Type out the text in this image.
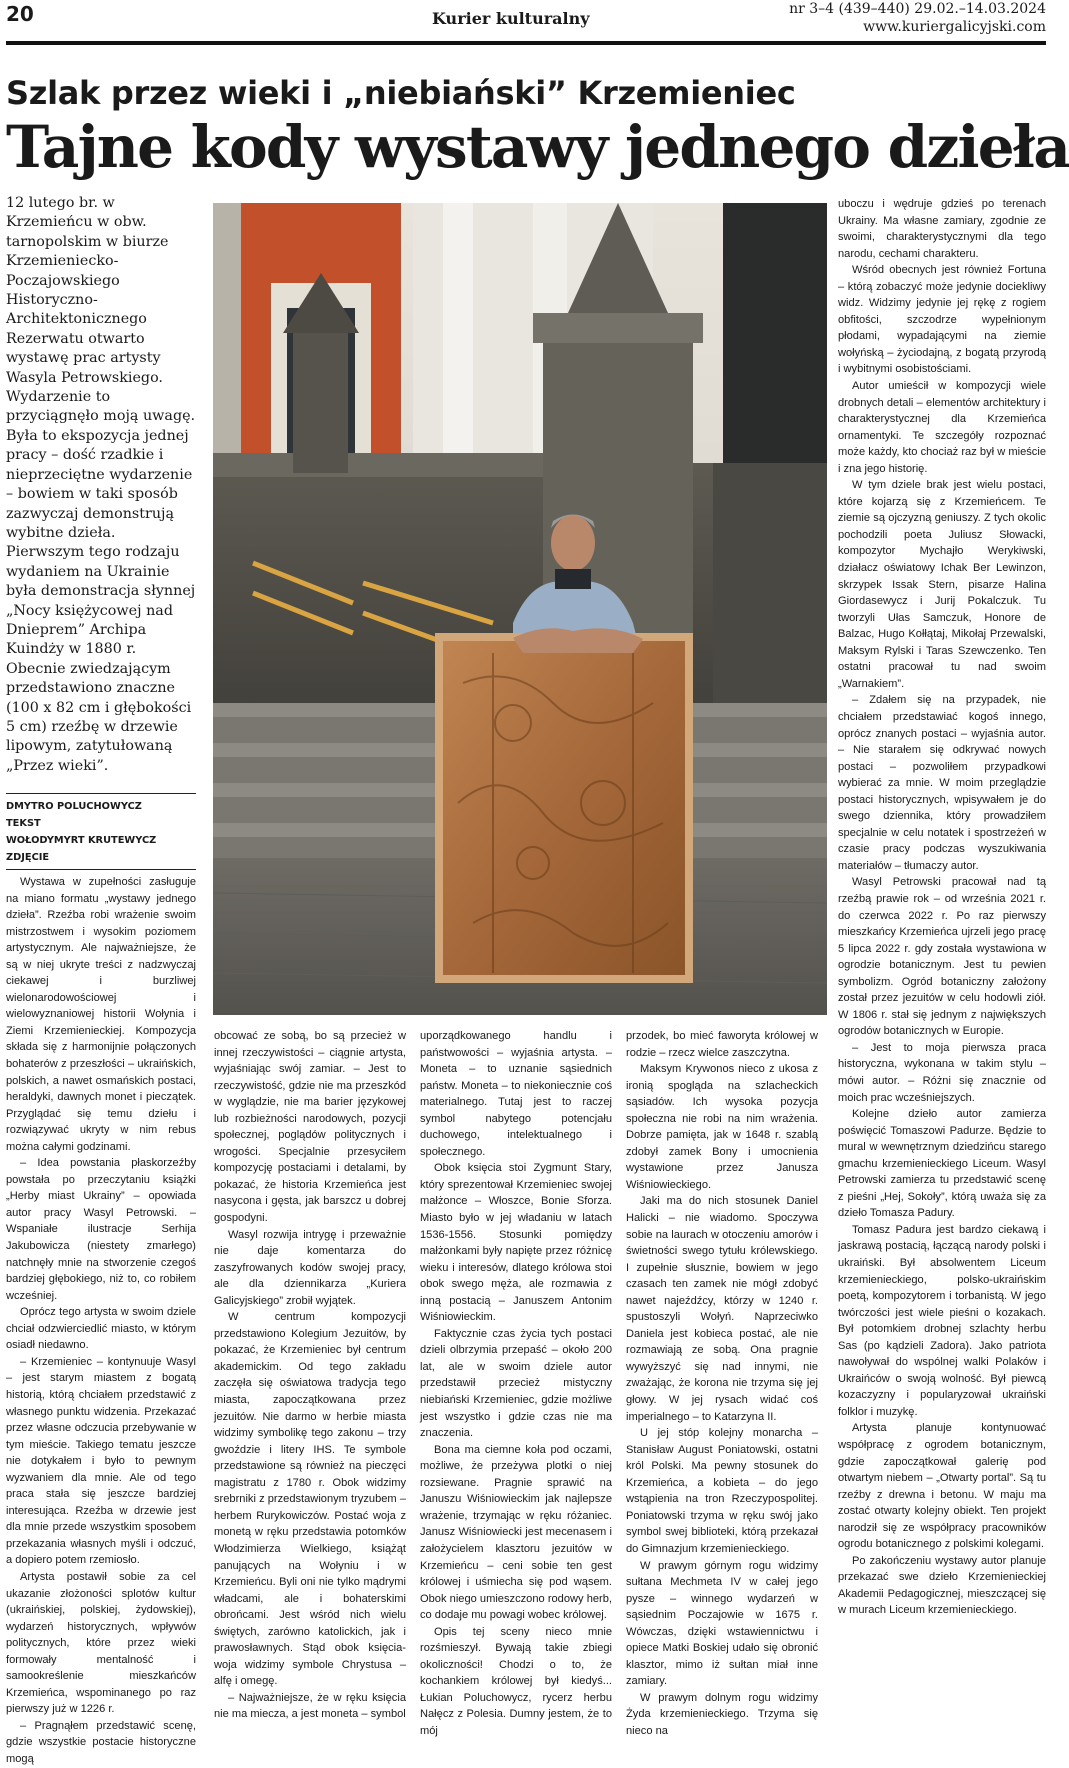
20	Kurier kulturalny	nr 3–4 (439–440) 29.02.–14.03.2024
www.kuriergalicyjski.com
Szlak przez wieki i „niebiański” Krzemieniec
Tajne kody wystawy jednego dzieła
12 lutego br. w Krzemieńcu w obw. tarnopolskim w biurze Krzemieniecko-Poczajowskiego Historyczno-Architektonicznego Rezerwatu otwarto wystawę prac artysty Wasyla Petrowskiego. Wydarzenie to przyciągnęło moją uwagę. Była to ekspozycja jednej pracy – dość rzadkie i nieprzeciętne wydarzenie – bowiem w taki sposób zazwyczaj demonstrują wybitne dzieła. Pierwszym tego rodzaju wydaniem na Ukrainie była demonstracja słynnej „Nocy księżycowej nad Dnieprem” Archipa Kuindży w 1880 r. Obecnie zwiedzającym przedstawiono znaczne (100 x 82 cm i głębokości 5 cm) rzeźbę w drzewie lipowym, zatytułowaną „Przez wieki”.
DMYTRO POLUCHOWYCZ
TEKST
WOŁODYMYRT KRUTEWYCZ
ZDJĘCIE

Wystawa w zupełności zasługuje na miano formatu „wystawy jednego dzieła”. Rzeźba robi wrażenie swoim mistrzostwem i wysokim poziomem artystycznym. Ale najważniejsze, że są w niej ukryte treści z nadzwyczaj ciekawej i burzliwej wielonarodowościowej i wielowyznaniowej historii Wołynia i Ziemi Krzemienieckiej. Kompozycja składa się z harmonijnie połączonych bohaterów z przeszłości – ukraińskich, polskich, a nawet osmańskich postaci, heraldyki, dawnych monet i pieczątek. Przyglądać się temu dziełu i rozwiązywać ukryty w nim rebus można całymi godzinami.

– Idea powstania płaskorzeźby powstała po przeczytaniu książki „Herby miast Ukrainy” – opowiada autor pracy Wasyl Petrowski. – Wspaniałe ilustracje Serhija Jakubowicza (niestety zmarłego) natchnęły mnie na stworzenie czegoś bardziej głębokiego, niż to, co robiłem wcześniej.

Oprócz tego artysta w swoim dziele chciał odzwierciedlić miasto, w którym osiadł niedawno.

– Krzemieniec – kontynuuje Wasyl – jest starym miastem z bogatą historią, którą chciałem przedstawić z własnego punktu widzenia. Przekazać przez własne odczucia przebywanie w tym mieście. Takiego tematu jeszcze nie dotykałem i było to pewnym wyzwaniem dla mnie. Ale od tego praca stała się jeszcze bardziej interesująca. Rzeźba w drzewie jest dla mnie przede wszystkim sposobem przekazania własnych myśli i odczuć, a dopiero potem rzemiosło.

Artysta postawił sobie za cel ukazanie złożoności splotów kultur (ukraińskiej, polskiej, żydowskiej), wydarzeń historycznych, wpływów politycznych, które przez wieki formowały mentalność i samookreślenie mieszkańców Krzemieńca, wspominanego po raz pierwszy już w 1226 r.

– Pragnąłem przedstawić scenę, gdzie wszystkie postacie historyczne mogą

obcować ze sobą, bo są przecież w innej rzeczywistości – ciągnie artysta, wyjaśniając swój zamiar. – Jest to rzeczywistość, gdzie nie ma przeszkód w wyglądzie, nie ma barier językowej lub rozbieżności narodowych, pozycji społecznej, poglądów politycznych i wrogości. Specjalnie przesyciłem kompozycję postaciami i detalami, by pokazać, że historia Krzemieńca jest nasycona i gęsta, jak barszcz u dobrej gospodyni.

Wasyl rozwija intrygę i przeważnie nie daje komentarza do zaszyfrowanych kodów swojej pracy, ale dla dziennikarza „Kuriera Galicyjskiego” zrobił wyjątek.

W centrum kompozycji przedstawiono Kolegium Jezuitów, by pokazać, że Krzemieniec był centrum akademickim. Od tego zakładu zaczęła się oświatowa tradycja tego miasta, zapoczątkowana przez jezuitów. Nie darmo w herbie miasta widzimy symbolikę tego zakonu – trzy gwoździe i litery IHS. Te symbole przedstawione są również na pieczęci magistratu z 1780 r. Obok widzimy srebrniki z przedstawionym tryzubem –herbem Rurykowiczów. Postać woja z monetą w ręku przedstawia potomków Włodzimierza Wielkiego, książąt panujących na Wołyniu i w Krzemieńcu. Byli oni nie tylko mądrymi władcami, ale i bohaterskimi obrońcami. Jest wśród nich wielu świętych, zarówno katolickich, jak i prawosławnych. Stąd obok księcia-woja widzimy symbole Chrystusa – alfę i omegę.

– Najważniejsze, że w ręku księcia nie ma miecza, a jest moneta – symbol

uporządkowanego handlu i państwowości – wyjaśnia artysta. – Moneta – to uznanie sąsiednich państw. Moneta – to niekoniecznie coś materialnego. Tutaj jest to raczej symbol nabytego potencjału duchowego, intelektualnego i społecznego.

Obok księcia stoi Zygmunt Stary, który sprezentował Krzemieniec swojej małżonce – Włoszce, Bonie Sforza. Miasto było w jej władaniu w latach 1536-1556. Stosunki pomiędzy małżonkami były napięte przez różnicę wieku i interesów, dlatego królowa stoi obok swego męża, ale rozmawia z inną postacią – Januszem Antonim Wiśniowieckim.

Faktycznie czas życia tych postaci dzieli olbrzymia przepaść – około 200 lat, ale w swoim dziele autor przedstawił przecież mistyczny niebiański Krzemieniec, gdzie możliwe jest wszystko i gdzie czas nie ma znaczenia.

Bona ma ciemne koła pod oczami, możliwe, że przeżywa plotki o niej rozsiewane. Pragnie sprawić na Januszu Wiśniowieckim jak najlepsze wrażenie, trzymając w ręku różaniec. Janusz Wiśniowiecki jest mecenasem i założycielem klasztoru jezuitów w Krzemieńcu – ceni sobie ten gest królowej i uśmiecha się pod wąsem. Obok niego umieszczono rodowy herb, co dodaje mu powagi wobec królowej.

Opis tej sceny nieco mnie rozśmieszył. Bywają takie zbiegi okoliczności! Chodzi o to, że kochankiem królowej był kiedyś... Łukian Poluchowycz, rycerz herbu Nałęcz z Polesia. Dumny jestem, że to mój

przodek, bo mieć faworyta królowej w rodzie – rzecz wielce zaszczytna.

Maksym Krywonos nieco z ukosa z ironią spogląda na szlacheckich sąsiadów. Ich wysoka pozycja społeczna nie robi na nim wrażenia. Dobrze pamięta, jak w 1648 r. szablą zdobył zamek Bony i umocnienia wystawione przez Janusza Wiśniowieckiego.

Jaki ma do nich stosunek Daniel Halicki – nie wiadomo. Spoczywa sobie na laurach w otoczeniu amorów i świetności swego tytułu królewskiego. I zupełnie słusznie, bowiem w jego czasach ten zamek nie mógł zdobyć nawet najeźdźcy, którzy w 1240 r. spustoszyli Wołyń. Naprzeciwko Daniela jest kobieca postać, ale nie rozmawiają ze sobą. Ona pragnie wywyższyć się nad innymi, nie zważając, że korona nie trzyma się jej głowy. W jej rysach widać coś imperialnego – to Katarzyna II.

U jej stóp kolejny monarcha – Stanisław August Poniatowski, ostatni król Polski. Ma pewny stosunek do Krzemieńca, a kobieta – do jego wstąpienia na tron Rzeczypospolitej. Poniatowski trzyma w ręku swój jako symbol swej biblioteki, którą przekazał do Gimnazjum krzemienieckiego.

W prawym górnym rogu widzimy sułtana Mechmeta IV w całej jego pysze – winnego wydarzeń w sąsiednim Poczajowie w 1675 r. Wówczas, dzięki wstawiennictwu i opiece Matki Boskiej udało się obronić klasztor, mimo iż sułtan miał inne zamiary.

W prawym dolnym rogu widzimy Żyda krzemienieckiego. Trzyma się nieco na

uboczu i wędruje gdzieś po terenach Ukrainy. Ma własne zamiary, zgodnie ze swoimi, charakterystycznymi dla tego narodu, cechami charakteru.

Wśród obecnych jest również Fortuna – którą zobaczyć może jedynie dociekliwy widz. Widzimy jedynie jej rękę z rogiem obfitości, szczodrze wypełnionym płodami, wypadającymi na ziemie wołyńską – życiodajną, z bogatą przyrodą i wybitnymi osobistościami.

Autor umieścił w kompozycji wiele drobnych detali – elementów architektury i charakterystycznej dla Krzemieńca ornamentyki. Te szczegóły rozpoznać może każdy, kto chociaż raz był w mieście i zna jego historię.

W tym dziele brak jest wielu postaci, które kojarzą się z Krzemieńcem. Te ziemie są ojczyzną geniuszy. Z tych okolic pochodzili poeta Juliusz Słowacki, kompozytor Mychajło Werykiwski, działacz oświatowy Ichak Ber Lewinzon, skrzypek Issak Stern, pisarze Halina Giordasewycz i Jurij Pokalczuk. Tu tworzyli Ułas Samczuk, Honore de Balzac, Hugo Kołłątaj, Mikołaj Przewalski, Maksym Rylski i Taras Szewczenko. Ten ostatni pracował tu nad swoim „Warnakiem”.

– Zdałem się na przypadek, nie chciałem przedstawiać kogoś innego, oprócz znanych postaci – wyjaśnia autor. – Nie starałem się odkrywać nowych postaci – pozwoliłem przypadkowi wybierać za mnie. W moim przeglądzie postaci historycznych, wpisywałem je do swego dziennika, który prowadziłem specjalnie w celu notatek i spostrzeżeń w czasie pracy podczas wyszukiwania materiałów – tłumaczy autor.

Wasyl Petrowski pracował nad tą rzeźbą prawie rok – od września 2021 r. do czerwca 2022 r. Po raz pierwszy mieszkańcy Krzemieńca ujrzeli jego pracę 5 lipca 2022 r. gdy została wystawiona w ogrodzie botanicznym. Jest tu pewien symbolizm. Ogród botaniczny założony został przez jezuitów w celu hodowli ziół. W 1806 r. stał się jednym z największych ogrodów botanicznych w Europie.

– Jest to moja pierwsza praca historyczna, wykonana w takim stylu – mówi autor. – Różni się znacznie od moich prac wcześniejszych.

Kolejne dzieło autor zamierza poświęcić Tomaszowi Padurze. Będzie to mural w wewnętrznym dziedzińcu starego gmachu krzemienieckiego Liceum. Wasyl Petrowski zamierza tu przedstawić scenę z pieśni „Hej, Sokoły”, którą uważa się za dzieło Tomasza Padury.

Tomasz Padura jest bardzo ciekawą i jaskrawą postacią, łączącą narody polski i ukraiński. Był absolwentem Liceum krzemienieckiego, polsko-ukraińskim poetą, kompozytorem i torbanistą. W jego twórczości jest wiele pieśni o kozakach. Był potomkiem drobnej szlachty herbu Sas (po kądzieli Zadora). Jako patriota nawoływał do wspólnej walki Polaków i Ukraińców o swoją wolność. Był piewcą kozaczyzny i popularyzował ukraiński folklor i muzykę.

Artysta planuje kontynuować współpracę z ogrodem botanicznym, gdzie zapoczątkował galerię pod otwartym niebem – „Otwarty portal”. Są tu rzeźby z drewna i betonu. W maju ma zostać otwarty kolejny obiekt. Ten projekt narodził się ze współpracy pracowników ogrodu botanicznego z polskimi kolegami.

Po zakończeniu wystawy autor planuje przekazać swe dzieło Krzemienieckiej Akademii Pedagogicznej, mieszczącej się w murach Liceum krzemienieckiego.
